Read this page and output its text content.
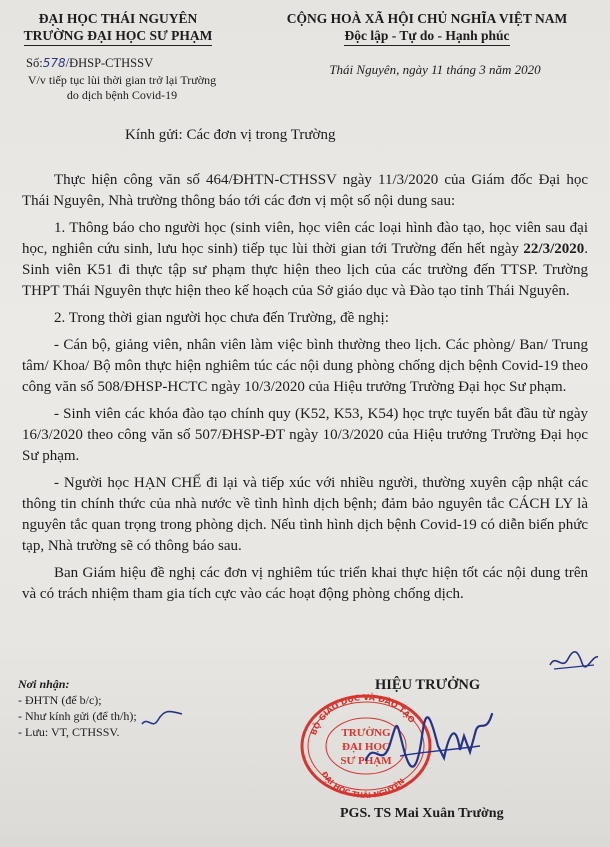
ĐẠI HỌC THÁI NGUYÊN
TRƯỜNG ĐẠI HỌC SƯ PHẠM
Số:578/ĐHSP-CTHSSV
V/v tiếp tục lùi thời gian trở lại Trường
do dịch bệnh Covid-19
CỘNG HOÀ XÃ HỘI CHỦ NGHĨA VIỆT NAM
Độc lập - Tự do - Hạnh phúc
Thái Nguyên, ngày 11 tháng 3 năm 2020
Kính gửi: Các đơn vị trong Trường

Thực hiện công văn số 464/ĐHTN-CTHSSV ngày 11/3/2020 của Giám đốc Đại học Thái Nguyên, Nhà trường thông báo tới các đơn vị một số nội dung sau:

1. Thông báo cho người học (sinh viên, học viên các loại hình đào tạo, học viên sau đại học, nghiên cứu sinh, lưu học sinh) tiếp tục lùi thời gian tới Trường đến hết ngày 22/3/2020. Sinh viên K51 đi thực tập sư phạm thực hiện theo lịch của các trường đến TTSP. Trường THPT Thái Nguyên thực hiện theo kế hoạch của Sở giáo dục và Đào tạo tỉnh Thái Nguyên.

2. Trong thời gian người học chưa đến Trường, đề nghị:

- Cán bộ, giảng viên, nhân viên làm việc bình thường theo lịch. Các phòng/ Ban/ Trung tâm/ Khoa/ Bộ môn thực hiện nghiêm túc các nội dung phòng chống dịch bệnh Covid-19 theo công văn số 508/ĐHSP-HCTC ngày 10/3/2020 của Hiệu trưởng Trường Đại học Sư phạm.

- Sinh viên các khóa đào tạo chính quy (K52, K53, K54) học trực tuyến bắt đầu từ ngày 16/3/2020 theo công văn số 507/ĐHSP-ĐT ngày 10/3/2020 của Hiệu trưởng Trường Đại học Sư phạm.

- Người học HẠN CHẾ đi lại và tiếp xúc với nhiều người, thường xuyên cập nhật các thông tin chính thức của nhà nước về tình hình dịch bệnh; đảm bảo nguyên tắc CÁCH LY là nguyên tắc quan trọng trong phòng dịch. Nếu tình hình dịch bệnh Covid-19 có diễn biến phức tạp, Nhà trường sẽ có thông báo sau.

Ban Giám hiệu đề nghị các đơn vị nghiêm túc triển khai thực hiện tốt các nội dung trên và có trách nhiệm tham gia tích cực vào các hoạt động phòng chống dịch.

Nơi nhận:
- ĐHTN (để b/c);
- Như kính gửi (để th/h);
- Lưu: VT, CTHSSV.
HIỆU TRƯỞNG
BỘ GIÁO DỤC VÀ ĐÀO TẠO
ĐẠI HỌC THÁI NGUYÊN
TRƯỜNG
ĐẠI HỌC
SƯ PHẠM
PGS. TS Mai Xuân Trường
